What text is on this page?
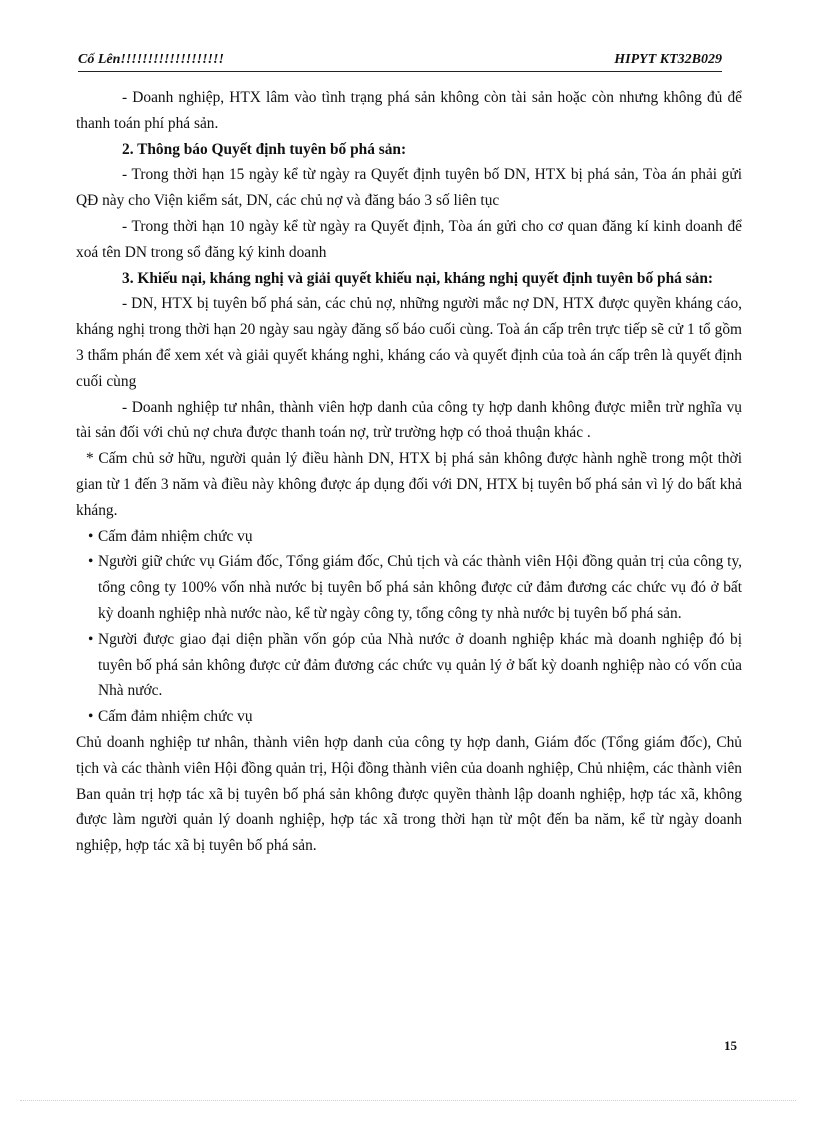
Cố Lên!!!!!!!!!!!!!!!!!!!	HIPYT KT32B029

- Doanh nghiệp, HTX lâm vào tình trạng phá sản không còn tài sản hoặc còn nhưng không đủ để thanh toán phí phá sản.

2. Thông báo Quyết định tuyên bố phá sản:

- Trong thời hạn 15 ngày kể từ ngày ra Quyết định tuyên bố DN, HTX bị phá sản, Tòa án phải gửi QĐ này cho Viện kiểm sát, DN, các chủ nợ và đăng báo 3 số liên tục

- Trong thời hạn 10 ngày kể từ ngày ra Quyết định, Tòa án gửi cho cơ quan đăng kí kinh doanh để xoá tên DN trong sổ đăng ký kinh doanh

3. Khiếu nại, kháng nghị và giải quyết khiếu nại, kháng nghị quyết định tuyên bố phá sản:

- DN, HTX bị tuyên bố phá sản, các chủ nợ, những người mắc nợ DN, HTX được quyền kháng cáo, kháng nghị trong thời hạn 20 ngày sau ngày đăng số báo cuối cùng. Toà án cấp trên trực tiếp sẽ cử 1 tổ gồm 3 thẩm phán để xem xét và giải quyết kháng nghi, kháng cáo và quyết định của toà án cấp trên là quyết định cuối cùng

- Doanh nghiệp tư nhân, thành viên hợp danh của công ty hợp danh không được miễn trừ nghĩa vụ tài sản đối với chủ nợ chưa được thanh toán nợ, trừ trường hợp có thoả thuận khác .

* Cấm chủ sở hữu, người quản lý điều hành DN, HTX bị phá sản không được hành nghề trong một thời gian từ 1 đến 3 năm và điều này không được áp dụng đối với DN, HTX bị tuyên bố phá sản vì lý do bất khả kháng.

• Cấm đảm nhiệm chức vụ

• Người giữ chức vụ Giám đốc, Tổng giám đốc, Chủ tịch và các thành viên Hội đồng quản trị của công ty, tổng công ty 100% vốn nhà nước bị tuyên bố phá sản không được cử đảm đương các chức vụ đó ở bất kỳ doanh nghiệp nhà nước nào, kể từ ngày công ty, tổng công ty nhà nước bị tuyên bố phá sản.

• Người được giao đại diện phần vốn góp của Nhà nước ở doanh nghiệp khác mà doanh nghiệp đó bị tuyên bố phá sản không được cử đảm đương các chức vụ quản lý ở bất kỳ doanh nghiệp nào có vốn của Nhà nước.

• Cấm đảm nhiệm chức vụ

Chủ doanh nghiệp tư nhân, thành viên hợp danh của công ty hợp danh, Giám đốc (Tổng giám đốc), Chủ tịch và các thành viên Hội đồng quản trị, Hội đồng thành viên của doanh nghiệp, Chủ nhiệm, các thành viên Ban quản trị hợp tác xã bị tuyên bố phá sản không được quyền thành lập doanh nghiệp, hợp tác xã, không được làm người quản lý doanh nghiệp, hợp tác xã trong thời hạn từ một đến ba năm, kể từ ngày doanh nghiệp, hợp tác xã bị tuyên bố phá sản.

15
